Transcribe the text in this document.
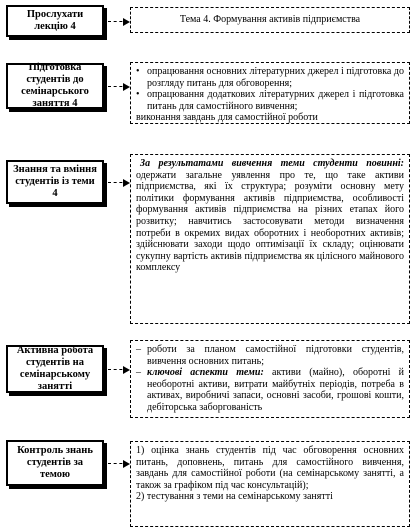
Прослухати лекцію 4
Тема 4. Формування активів підприємства
Підготовка студентів до семінарського заняття 4
• опрацювання основних літературних джерел і підготовка до розгляду питань для обговорення;
• опрацювання додаткових літературних джерел і підготовка питань для самостійного вивчення;
виконання завдань для самостійної роботи
Знання та вміння студентів із теми 4
За результатами вивчення теми студенти повинні: одержати загальне уявлення про те, що таке активи підприємства, які їх структура; розуміти основну мету політики формування активів підприємства, особливості формування активів підприємства на різних етапах його розвитку; навчитись застосовувати методи визначення потреби в окремих видах оборотних і необоротних активів; здійснювати заходи щодо оптимізації їх складу; оцінювати сукупну вартість активів підприємства як цілісного майнового комплексу
Активна робота студентів на семінарському занятті
– роботи за планом самостійної підготовки студентів, вивчення основних питань;
– ключові аспекти теми: активи (майно), оборотні й необоротні активи, витрати майбутніх періодів, потреба в активах, виробничі запаси, основні засоби, грошові кошти, дебіторська заборгованість
Контроль знань студентів за темою
1) оцінка знань студентів під час обговорення основних питань, доповнень, питань для самостійного вивчення, завдань для самостійної роботи (на семінарському занятті, а також за графіком під час консультацій);
2) тестування з теми на семінарському занятті
